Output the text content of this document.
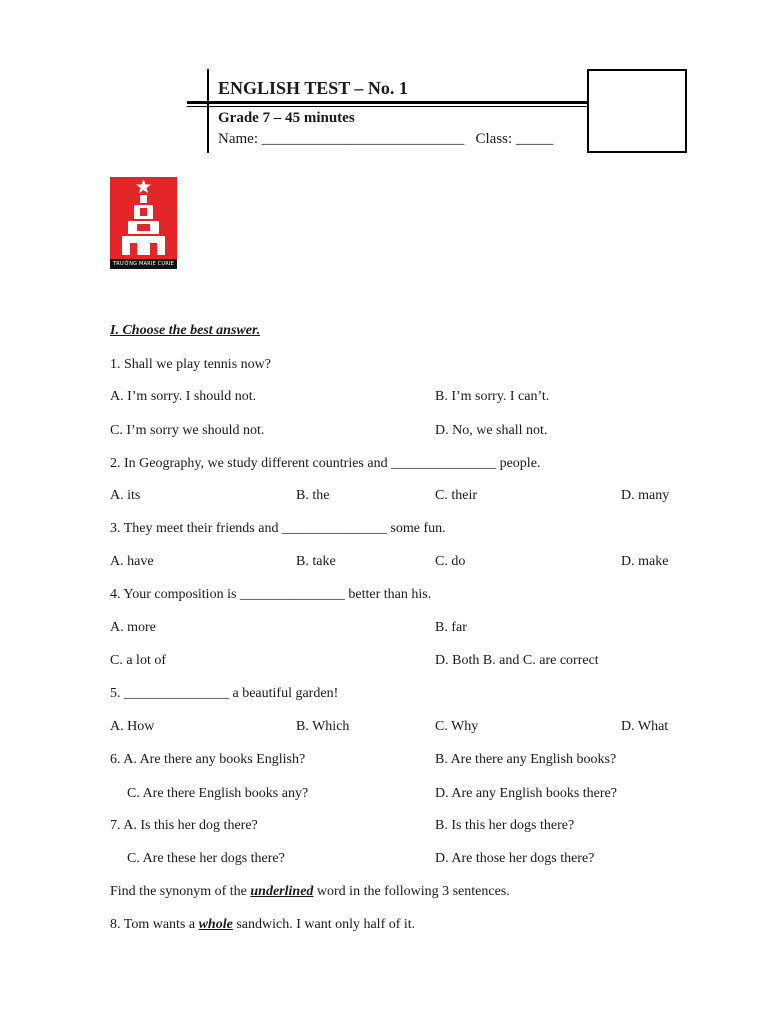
ENGLISH TEST – No. 1
Grade 7 – 45 minutes
Name: ___________________________ Class: _____
TRƯỜNG MARIE CURIE
I. Choose the best answer.
1. Shall we play tennis now?
A. I’m sorry. I should not.	B. I’m sorry. I can’t.
C. I’m sorry we should not.	D. No, we shall not.
2. In Geography, we study different countries and _______________ people.
A. its	B. the	C. their	D. many
3. They meet their friends and _______________ some fun.
A. have	B. take	C. do	D. make
4. Your composition is _______________ better than his.
A. more	B. far
C. a lot of	D. Both B. and C. are correct
5. _______________ a beautiful garden!
A. How	B. Which	C. Why	D. What
6. A. Are there any books English?	B. Are there any English books?
C. Are there English books any?	D. Are any English books there?
7. A. Is this her dog there?	B. Is this her dogs there?
C. Are these her dogs there?	D. Are those her dogs there?
Find the synonym of the underlined word in the following 3 sentences.
8. Tom wants a whole sandwich. I want only half of it.
